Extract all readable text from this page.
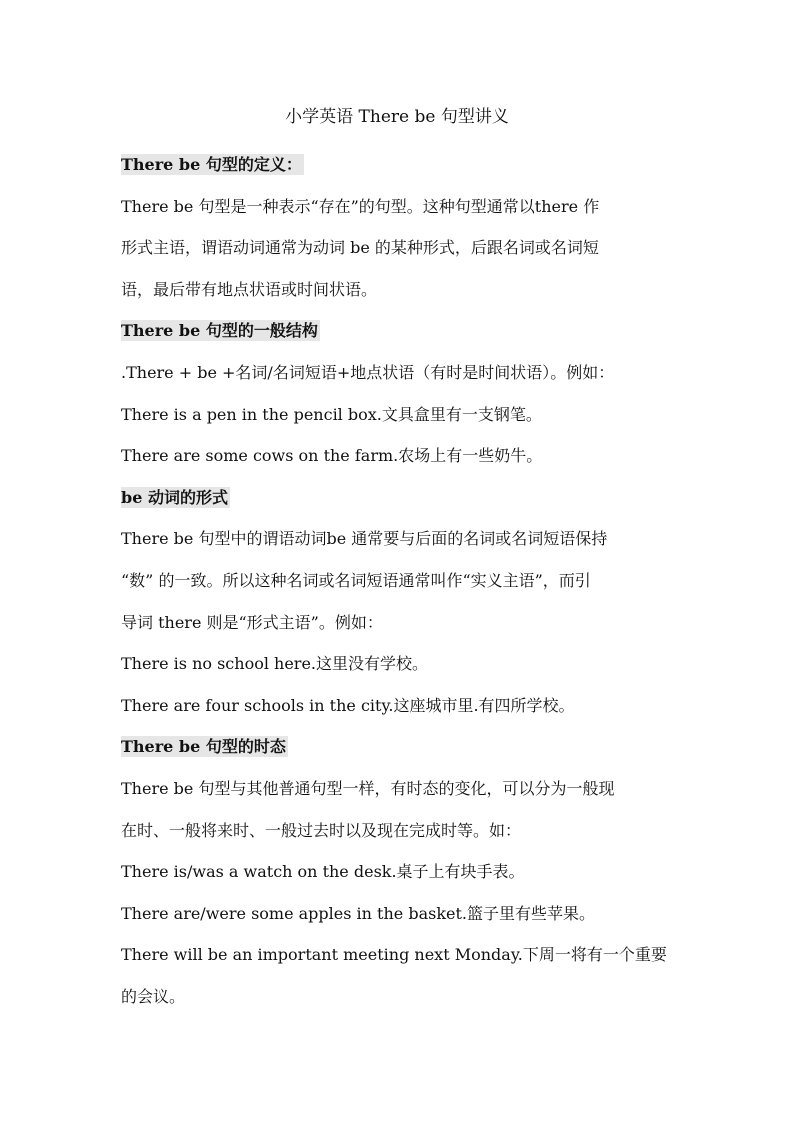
小学英语 There be 句型讲义
There be 句型的定义：
There be 句型是一种表示“存在”的句型。这种句型通常以there 作
形式主语，谓语动词通常为动词 be 的某种形式，后跟名词或名词短
语，最后带有地点状语或时间状语。
There be 句型的一般结构
.There + be +名词/名词短语+地点状语（有时是时间状语）。例如：
There is a pen in the pencil box.文具盒里有一支钢笔。
There are some cows on the farm.农场上有一些奶牛。
be 动词的形式
There be 句型中的谓语动词be 通常要与后面的名词或名词短语保持
“数” 的一致。所以这种名词或名词短语通常叫作“实义主语”，而引
导词 there 则是“形式主语”。例如：
There is no school here.这里没有学校。
There are four schools in the city.这座城市里.有四所学校。
There be 句型的时态
There be 句型与其他普通句型一样，有时态的变化，可以分为一般现
在时、一般将来时、一般过去时以及现在完成时等。如：
There is/was a watch on the desk.桌子上有块手表。
There are/were some apples in the basket.篮子里有些苹果。
There will be an important meeting next Monday.下周一将有一个重要
的会议。
